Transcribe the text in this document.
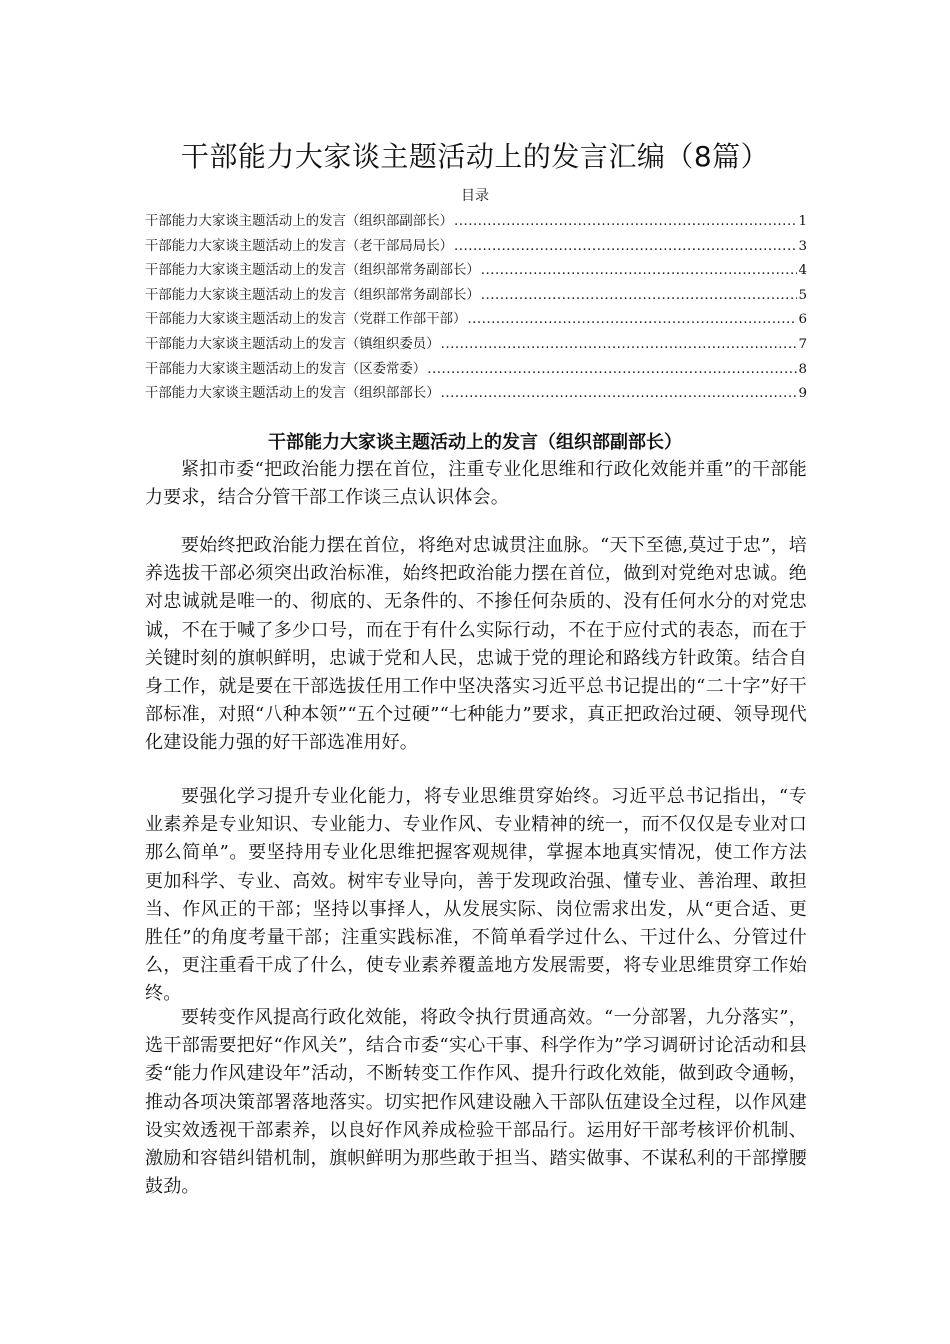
干部能力大家谈主题活动上的发言汇编（8篇）
目录
干部能力大家谈主题活动上的发言（组织部副部长） .....	1
干部能力大家谈主题活动上的发言（老干部局局长） .....	3
干部能力大家谈主题活动上的发言（组织部常务副部长） .....	4
干部能力大家谈主题活动上的发言（组织部常务副部长） .....	5
干部能力大家谈主题活动上的发言（党群工作部干部） .....	6
干部能力大家谈主题活动上的发言（镇组织委员） .....	7
干部能力大家谈主题活动上的发言（区委常委） .....	8
干部能力大家谈主题活动上的发言（组织部部长） .....	9
干部能力大家谈主题活动上的发言（组织部副部长）

紧扣市委“把政治能力摆在首位，注重专业化思维和行政化效能并重”的干部能力要求，结合分管干部工作谈三点认识体会。

要始终把政治能力摆在首位，将绝对忠诚贯注血脉。“天下至德,莫过于忠”，培养选拔干部必须突出政治标准，始终把政治能力摆在首位，做到对党绝对忠诚。绝对忠诚就是唯一的、彻底的、无条件的、不掺任何杂质的、没有任何水分的对党忠诚，不在于喊了多少口号，而在于有什么实际行动，不在于应付式的表态，而在于关键时刻的旗帜鲜明，忠诚于党和人民，忠诚于党的理论和路线方针政策。结合自身工作，就是要在干部选拔任用工作中坚决落实习近平总书记提出的“二十字”好干部标准，对照“八种本领”“五个过硬”“七种能力”要求，真正把政治过硬、领导现代化建设能力强的好干部选准用好。

要强化学习提升专业化能力，将专业思维贯穿始终。习近平总书记指出，“专业素养是专业知识、专业能力、专业作风、专业精神的统一，而不仅仅是专业对口那么简单”。要坚持用专业化思维把握客观规律，掌握本地真实情况，使工作方法更加科学、专业、高效。树牢专业导向，善于发现政治强、懂专业、善治理、敢担当、作风正的干部；坚持以事择人，从发展实际、岗位需求出发，从“更合适、更胜任”的角度考量干部；注重实践标准，不简单看学过什么、干过什么、分管过什么，更注重看干成了什么，使专业素养覆盖地方发展需要，将专业思维贯穿工作始终。

要转变作风提高行政化效能，将政令执行贯通高效。“一分部署，九分落实”，选干部需要把好“作风关”，结合市委“实心干事、科学作为”学习调研讨论活动和县委“能力作风建设年”活动，不断转变工作作风、提升行政化效能，做到政令通畅，推动各项决策部署落地落实。切实把作风建设融入干部队伍建设全过程，以作风建设实效透视干部素养，以良好作风养成检验干部品行。运用好干部考核评价机制、激励和容错纠错机制，旗帜鲜明为那些敢于担当、踏实做事、不谋私利的干部撑腰鼓劲。
